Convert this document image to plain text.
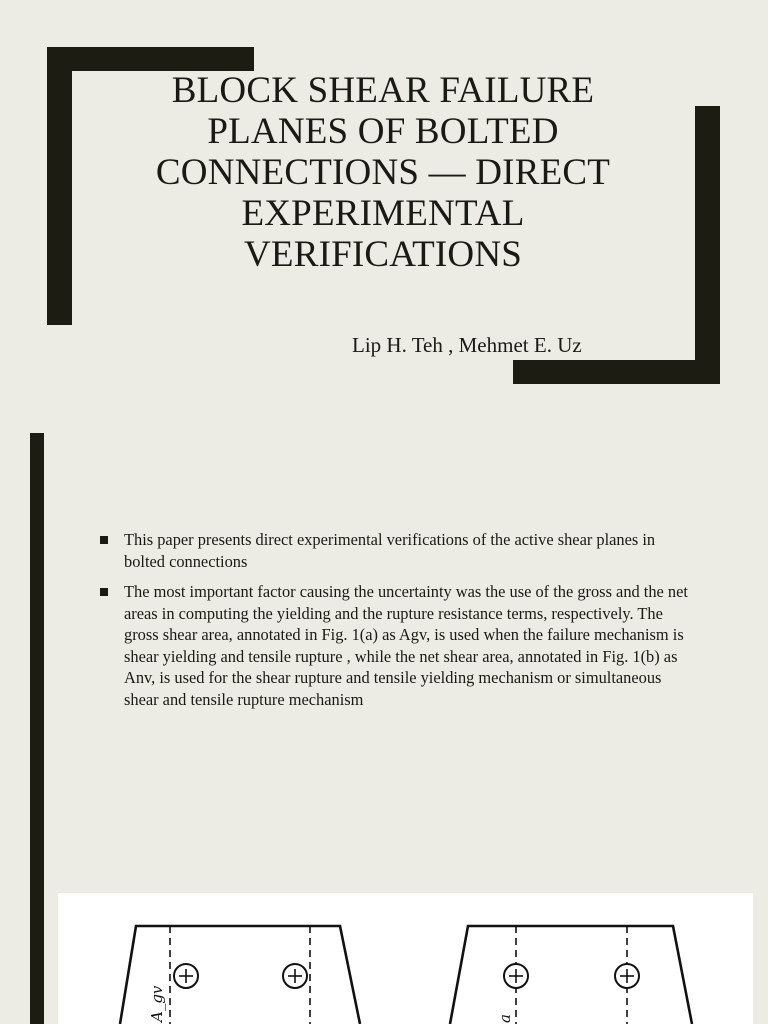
BLOCK SHEAR FAILURE
PLANES OF BOLTED
CONNECTIONS — DIRECT
EXPERIMENTAL
VERIFICATIONS
Lip H. Teh , Mehmet E. Uz
This paper presents direct experimental verifications of the active shear planes in bolted connections
The most important factor causing the uncertainty was the use of the gross and the net areas in computing the yielding and the rupture resistance terms, respectively. The gross shear area, annotated in Fig. 1(a) as Agv, is used when the failure mechanism is shear yielding and tensile rupture , while the net shear area, annotated in Fig. 1(b) as Anv, is used for the shear rupture and tensile yielding mechanism or simultaneous shear and tensile rupture mechanism
A_gv	a
